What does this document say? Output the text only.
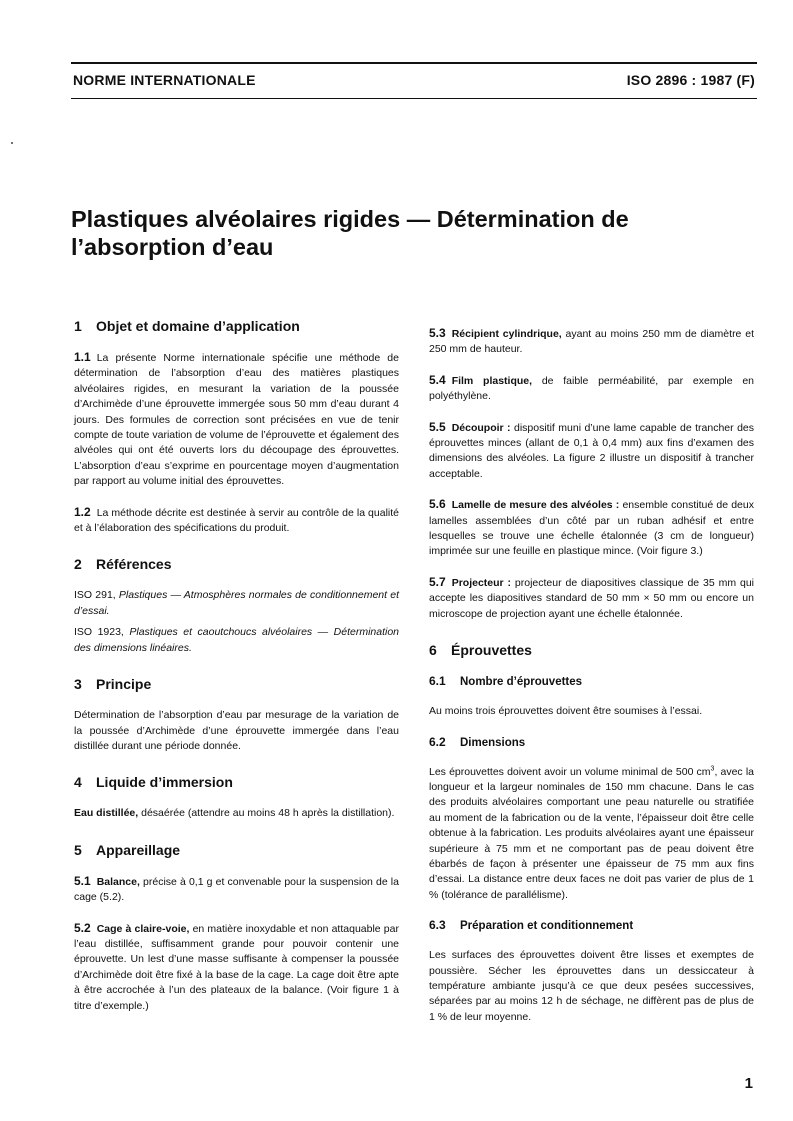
NORME INTERNATIONALE	ISO 2896 : 1987 (F)
Plastiques alvéolaires rigides — Détermination de
l’absorption d’eau
1 Objet et domaine d’application

1.1 La présente Norme internationale spécifie une méthode de détermination de l’absorption d’eau des matières plastiques alvéolaires rigides, en mesurant la variation de la poussée d’Archimède d’une éprouvette immergée sous 50 mm d’eau durant 4 jours. Des formules de correction sont précisées en vue de tenir compte de toute variation de volume de l’éprouvette et également des alvéoles qui ont été ouverts lors du découpage des éprouvettes. L’absorption d’eau s’exprime en pourcentage moyen d’augmentation par rapport au volume initial des éprouvettes.

1.2 La méthode décrite est destinée à servir au contrôle de la qualité et à l’élaboration des spécifications du produit.

2 Références

ISO 291, Plastiques — Atmosphères normales de conditionnement et d’essai.

ISO 1923, Plastiques et caoutchoucs alvéolaires — Détermination des dimensions linéaires.

3 Principe

Détermination de l’absorption d’eau par mesurage de la variation de la poussée d’Archimède d’une éprouvette immergée dans l’eau distillée durant une période donnée.

4 Liquide d’immersion

Eau distillée, désaérée (attendre au moins 48 h après la distillation).

5 Appareillage

5.1 Balance, précise à 0,1 g et convenable pour la suspension de la cage (5.2).

5.2 Cage à claire-voie, en matière inoxydable et non attaquable par l’eau distillée, suffisamment grande pour pouvoir contenir une éprouvette. Un lest d’une masse suffisante à compenser la poussée d’Archimède doit être fixé à la base de la cage. La cage doit être apte à être accrochée à l’un des plateaux de la balance. (Voir figure 1 à titre d’exemple.)

5.3 Récipient cylindrique, ayant au moins 250 mm de diamètre et 250 mm de hauteur.

5.4 Film plastique, de faible perméabilité, par exemple en polyéthylène.

5.5 Découpoir : dispositif muni d’une lame capable de trancher des éprouvettes minces (allant de 0,1 à 0,4 mm) aux fins d’examen des dimensions des alvéoles. La figure 2 illustre un dispositif à trancher acceptable.

5.6 Lamelle de mesure des alvéoles : ensemble constitué de deux lamelles assemblées d’un côté par un ruban adhésif et entre lesquelles se trouve une échelle étalonnée (3 cm de longueur) imprimée sur une feuille en plastique mince. (Voir figure 3.)

5.7 Projecteur : projecteur de diapositives classique de 35 mm qui accepte les diapositives standard de 50 mm × 50 mm ou encore un microscope de projection ayant une échelle étalonnée.

6 Éprouvettes
6.1 Nombre d’éprouvettes

Au moins trois éprouvettes doivent être soumises à l’essai.

6.2 Dimensions

Les éprouvettes doivent avoir un volume minimal de 500 $cm^3$, avec la longueur et la largeur nominales de 150 mm chacune. Dans le cas des produits alvéolaires comportant une peau naturelle ou stratifiée au moment de la fabrication ou de la vente, l’épaisseur doit être celle obtenue à la fabrication. Les produits alvéolaires ayant une épaisseur supérieure à 75 mm et ne comportant pas de peau doivent être ébarbés de façon à présenter une épaisseur de 75 mm aux fins d’essai. La distance entre deux faces ne doit pas varier de plus de 1 % (tolérance de parallélisme).

6.3 Préparation et conditionnement

Les surfaces des éprouvettes doivent être lisses et exemptes de poussière. Sécher les éprouvettes dans un dessiccateur à température ambiante jusqu’à ce que deux pesées successives, séparées par au moins 12 h de séchage, ne diffèrent pas de plus de 1 % de leur moyenne.

1
